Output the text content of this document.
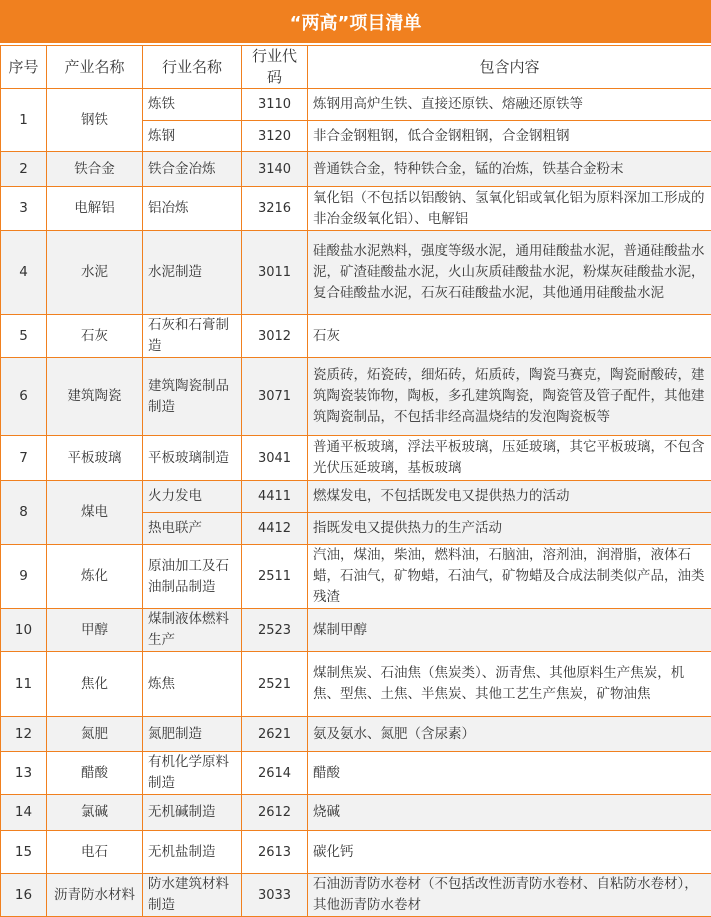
“两高”项目清单
序号	产业名称	行业名称	行业代码	包含内容
1	钢铁	炼铁	3110	炼钢用高炉生铁、直接还原铁、熔融还原铁等
		炼钢	3120	非合金钢粗钢，低合金钢粗钢，合金钢粗钢
2	铁合金	铁合金冶炼	3140	普通铁合金，特种铁合金，锰的冶炼，铁基合金粉末
3	电解铝	铝冶炼	3216	氧化铝（不包括以铝酸钠、氢氧化铝或氧化铝为原料深加工形成的非冶金级氧化铝）、电解铝
4	水泥	水泥制造	3011	硅酸盐水泥熟料，强度等级水泥，通用硅酸盐水泥，普通硅酸盐水泥，矿渣硅酸盐水泥，火山灰质硅酸盐水泥，粉煤灰硅酸盐水泥，复合硅酸盐水泥，石灰石硅酸盐水泥，其他通用硅酸盐水泥
5	石灰	石灰和石膏制造	3012	石灰
6	建筑陶瓷	建筑陶瓷制品制造	3071	瓷质砖，炻瓷砖，细炻砖，炻质砖，陶瓷马赛克，陶瓷耐酸砖，建筑陶瓷装饰物，陶板，多孔建筑陶瓷，陶瓷管及管子配件，其他建筑陶瓷制品，不包括非经高温烧结的发泡陶瓷板等
7	平板玻璃	平板玻璃制造	3041	普通平板玻璃，浮法平板玻璃，压延玻璃，其它平板玻璃，不包含光伏压延玻璃，基板玻璃
8	煤电	火力发电	4411	燃煤发电，不包括既发电又提供热力的活动
		热电联产	4412	指既发电又提供热力的生产活动
9	炼化	原油加工及石油制品制造	2511	汽油，煤油，柴油，燃料油，石脑油，溶剂油，润滑脂，液体石蜡，石油气，矿物蜡，石油气，矿物蜡及合成法制类似产品，油类残渣
10	甲醇	煤制液体燃料生产	2523	煤制甲醇
11	焦化	炼焦	2521	煤制焦炭、石油焦（焦炭类）、沥青焦、其他原料生产焦炭，机焦、型焦、土焦、半焦炭、其他工艺生产焦炭，矿物油焦
12	氮肥	氮肥制造	2621	氨及氨水、氮肥（含尿素）
13	醋酸	有机化学原料制造	2614	醋酸
14	氯碱	无机碱制造	2612	烧碱
15	电石	无机盐制造	2613	碳化钙
16	沥青防水材料	防水建筑材料制造	3033	石油沥青防水卷材（不包括改性沥青防水卷材、自粘防水卷材），其他沥青防水卷材
